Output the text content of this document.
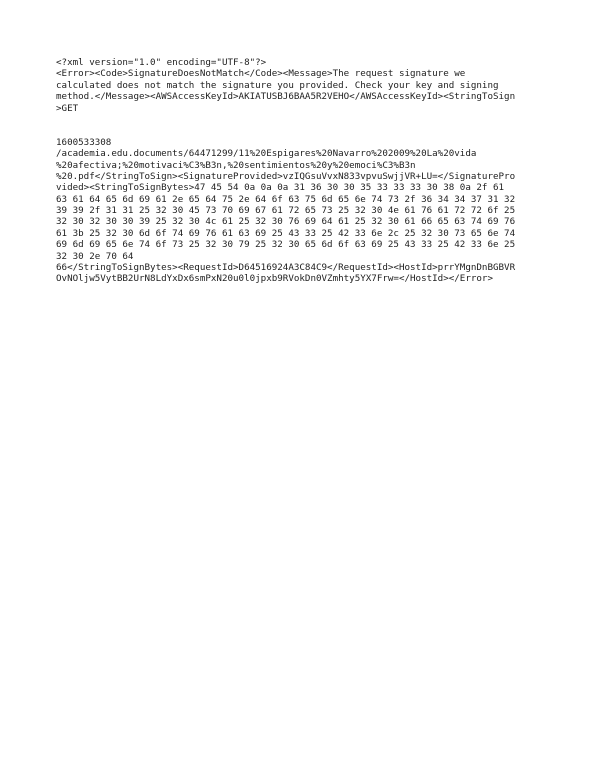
<?xml version="1.0" encoding="UTF-8"?>
<Error><Code>SignatureDoesNotMatch</Code><Message>The request signature we
calculated does not match the signature you provided. Check your key and signing
method.</Message><AWSAccessKeyId>AKIATUSBJ6BAA5R2VEHO</AWSAccessKeyId><StringToSign
>GET
1600533308
/academia.edu.documents/64471299/11%20Espigares%20Navarro%202009%20La%20vida
%20afectiva;%20motivaci%C3%B3n,%20sentimientos%20y%20emoci%C3%B3n
%20.pdf</StringToSign><SignatureProvided>vzIQGsuVvxN833vpvuSwjjVR+LU=</SignaturePro
vided><StringToSignBytes>47 45 54 0a 0a 0a 31 36 30 30 35 33 33 33 30 38 0a 2f 61
63 61 64 65 6d 69 61 2e 65 64 75 2e 64 6f 63 75 6d 65 6e 74 73 2f 36 34 34 37 31 32
39 39 2f 31 31 25 32 30 45 73 70 69 67 61 72 65 73 25 32 30 4e 61 76 61 72 72 6f 25
32 30 32 30 30 39 25 32 30 4c 61 25 32 30 76 69 64 61 25 32 30 61 66 65 63 74 69 76
61 3b 25 32 30 6d 6f 74 69 76 61 63 69 25 43 33 25 42 33 6e 2c 25 32 30 73 65 6e 74
69 6d 69 65 6e 74 6f 73 25 32 30 79 25 32 30 65 6d 6f 63 69 25 43 33 25 42 33 6e 25
32 30 2e 70 64
66</StringToSignBytes><RequestId>D64516924A3C84C9</RequestId><HostId>prrYMgnDnBGBVR
OvNOljw5VytBB2UrN8LdYxDx6smPxN20u0l0jpxb9RVokDn0VZmhty5YX7Frw=</HostId></Error>
